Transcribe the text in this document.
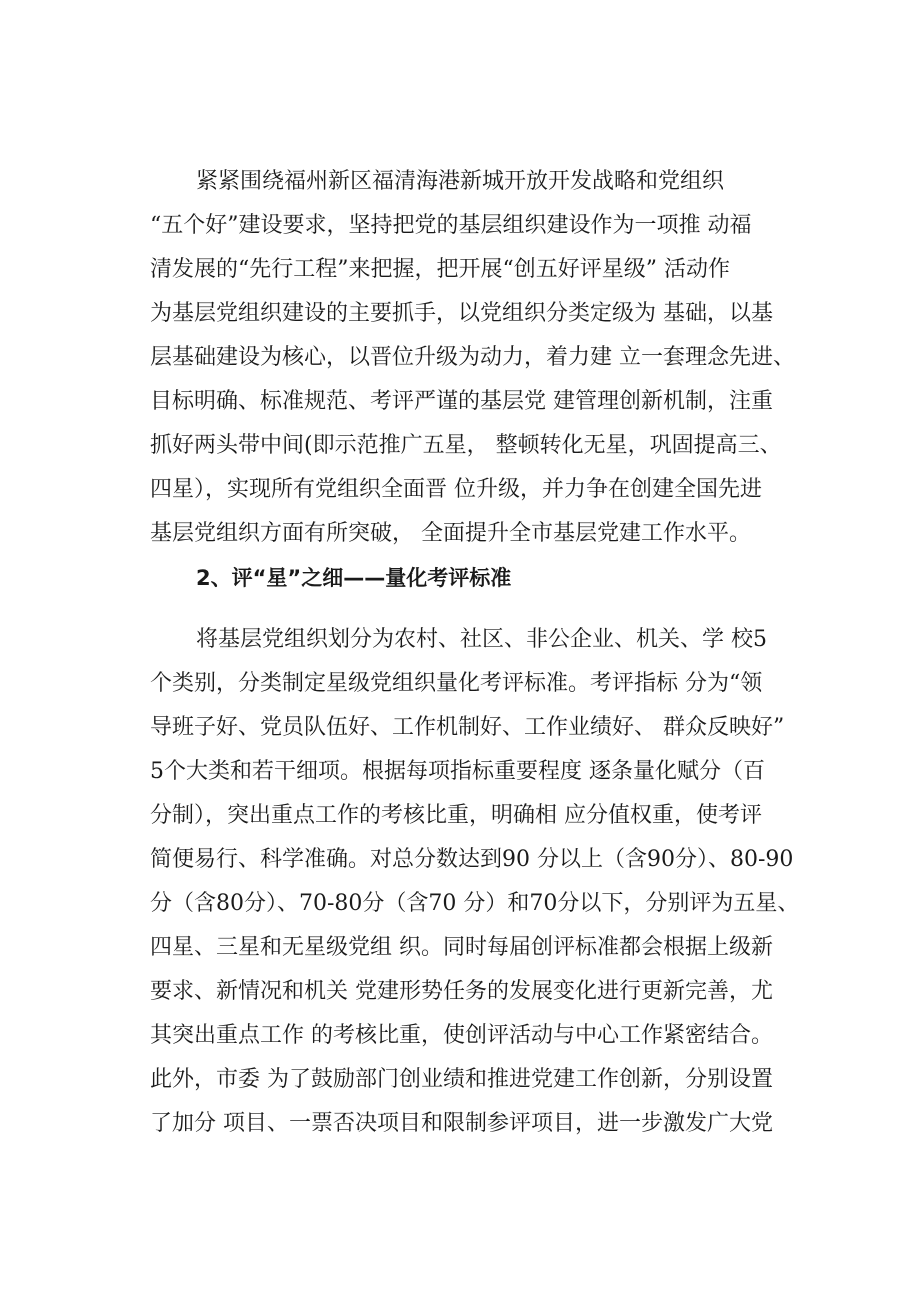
紧紧围绕福州新区福清海港新城开放开发战略和党组织

“五个好”建设要求，坚持把党的基层组织建设作为一项推 动福

清发展的“先行工程”来把握，把开展“创五好评星级” 活动作

为基层党组织建设的主要抓手，以党组织分类定级为 基础，以基

层基础建设为核心，以晋位升级为动力，着力建 立一套理念先进、

目标明确、标准规范、考评严谨的基层党 建管理创新机制，注重

抓好两头带中间(即示范推广五星， 整顿转化无星，巩固提高三、

四星），实现所有党组织全面晋 位升级，并力争在创建全国先进

基层党组织方面有所突破， 全面提升全市基层党建工作水平。

2、评“星”之细——量化考评标准

将基层党组织划分为农村、社区、非公企业、机关、学 校5

个类别，分类制定星级党组织量化考评标准。考评指标 分为“领

导班子好、党员队伍好、工作机制好、工作业绩好、 群众反映好”

5个大类和若干细项。根据每项指标重要程度 逐条量化赋分（百

分制），突出重点工作的考核比重，明确相 应分值权重，使考评

简便易行、科学准确。对总分数达到90 分以上（含90分）、80-90

分（含80分）、70-80分（含70 分）和70分以下，分别评为五星、

四星、三星和无星级党组 织。同时每届创评标准都会根据上级新

要求、新情况和机关 党建形势任务的发展变化进行更新完善，尤

其突出重点工作 的考核比重，使创评活动与中心工作紧密结合。

此外，市委 为了鼓励部门创业绩和推进党建工作创新，分别设置

了加分 项目、一票否决项目和限制参评项目，进一步激发广大党
